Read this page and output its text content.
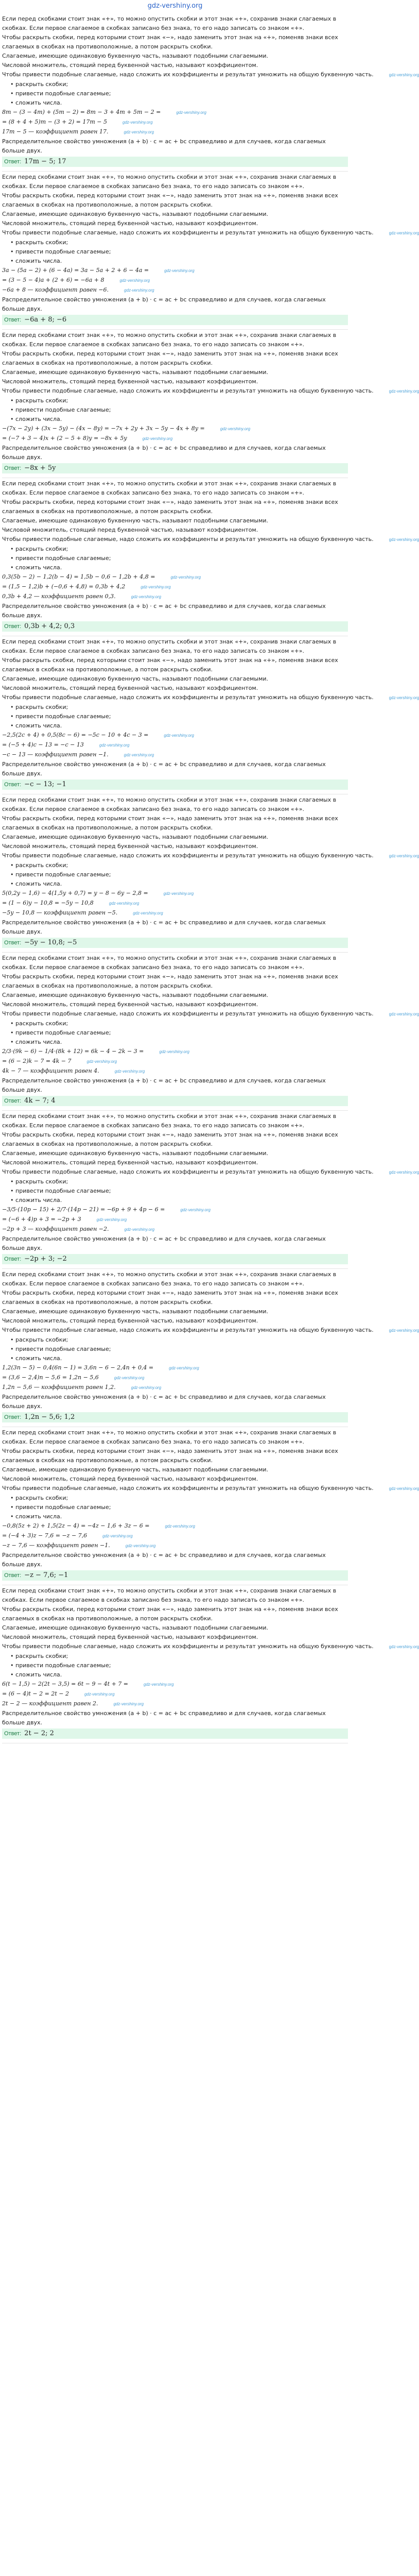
gdz-vershiny.org
Если перед скобками стоит знак «+», то можно опустить скобки и этот знак «+», сохранив знаки слагаемых в скобках. Если первое слагаемое в скобках записано без знака, то его надо записать со знаком «+».
Чтобы раскрыть скобки, перед которыми стоит знак «−», надо заменить этот знак на «+», поменяв знаки всех слагаемых в скобках на противоположные, а потом раскрыть скобки.
Слагаемые, имеющие одинаковую буквенную часть, называют подобными слагаемыми.
Числовой множитель, стоящий перед буквенной частью, называют коэффициентом.
Чтобы привести подобные слагаемые, надо сложить их коэффициенты и результат умножить на общую буквенную часть.	gdz-vershiny.org
• раскрыть скобки;
• привести подобные слагаемые;
• сложить числа.
8m − (3 − 4m) + (5m − 2) = 8m − 3 + 4m + 5m − 2 =	gdz-vershiny.org
= (8 + 4 + 5)m − (3 + 2) = 17m − 5	gdz-vershiny.org
17m − 5 — коэффициент равен 17.	gdz-vershiny.org
Распределительное свойство умножения (a + b) · c = ac + bc справедливо и для случаев, когда слагаемых больше двух.
Ответ: 17m − 5; 17
Если перед скобками стоит знак «+», то можно опустить скобки и этот знак «+», сохранив знаки слагаемых в скобках. Если первое слагаемое в скобках записано без знака, то его надо записать со знаком «+».
Чтобы раскрыть скобки, перед которыми стоит знак «−», надо заменить этот знак на «+», поменяв знаки всех слагаемых в скобках на противоположные, а потом раскрыть скобки.
Слагаемые, имеющие одинаковую буквенную часть, называют подобными слагаемыми.
Числовой множитель, стоящий перед буквенной частью, называют коэффициентом.
Чтобы привести подобные слагаемые, надо сложить их коэффициенты и результат умножить на общую буквенную часть.	gdz-vershiny.org
• раскрыть скобки;
• привести подобные слагаемые;
• сложить числа.
3a − (5a − 2) + (6 − 4a) = 3a − 5a + 2 + 6 − 4a =	gdz-vershiny.org
= (3 − 5 − 4)a + (2 + 6) = −6a + 8	gdz-vershiny.org
−6a + 8 — коэффициент равен −6.	gdz-vershiny.org
Распределительное свойство умножения (a + b) · c = ac + bc справедливо и для случаев, когда слагаемых больше двух.
Ответ: −6a + 8; −6
Если перед скобками стоит знак «+», то можно опустить скобки и этот знак «+», сохранив знаки слагаемых в скобках. Если первое слагаемое в скобках записано без знака, то его надо записать со знаком «+».
Чтобы раскрыть скобки, перед которыми стоит знак «−», надо заменить этот знак на «+», поменяв знаки всех слагаемых в скобках на противоположные, а потом раскрыть скобки.
Слагаемые, имеющие одинаковую буквенную часть, называют подобными слагаемыми.
Числовой множитель, стоящий перед буквенной частью, называют коэффициентом.
Чтобы привести подобные слагаемые, надо сложить их коэффициенты и результат умножить на общую буквенную часть.	gdz-vershiny.org
• раскрыть скобки;
• привести подобные слагаемые;
• сложить числа.
−(7x − 2y) + (3x − 5y) − (4x − 8y) = −7x + 2y + 3x − 5y − 4x + 8y =	gdz-vershiny.org
= (−7 + 3 − 4)x + (2 − 5 + 8)y = −8x + 5y	gdz-vershiny.org
Распределительное свойство умножения (a + b) · c = ac + bc справедливо и для случаев, когда слагаемых больше двух.
Ответ: −8x + 5y
Если перед скобками стоит знак «+», то можно опустить скобки и этот знак «+», сохранив знаки слагаемых в скобках. Если первое слагаемое в скобках записано без знака, то его надо записать со знаком «+».
Чтобы раскрыть скобки, перед которыми стоит знак «−», надо заменить этот знак на «+», поменяв знаки всех слагаемых в скобках на противоположные, а потом раскрыть скобки.
Слагаемые, имеющие одинаковую буквенную часть, называют подобными слагаемыми.
Числовой множитель, стоящий перед буквенной частью, называют коэффициентом.
Чтобы привести подобные слагаемые, надо сложить их коэффициенты и результат умножить на общую буквенную часть.	gdz-vershiny.org
• раскрыть скобки;
• привести подобные слагаемые;
• сложить числа.
0,3(5b − 2) − 1,2(b − 4) = 1,5b − 0,6 − 1,2b + 4,8 =	gdz-vershiny.org
= (1,5 − 1,2)b + (−0,6 + 4,8) = 0,3b + 4,2	gdz-vershiny.org
0,3b + 4,2 — коэффициент равен 0,3.	gdz-vershiny.org
Распределительное свойство умножения (a + b) · c = ac + bc справедливо и для случаев, когда слагаемых больше двух.
Ответ: 0,3b + 4,2; 0,3
Если перед скобками стоит знак «+», то можно опустить скобки и этот знак «+», сохранив знаки слагаемых в скобках. Если первое слагаемое в скобках записано без знака, то его надо записать со знаком «+».
Чтобы раскрыть скобки, перед которыми стоит знак «−», надо заменить этот знак на «+», поменяв знаки всех слагаемых в скобках на противоположные, а потом раскрыть скобки.
Слагаемые, имеющие одинаковую буквенную часть, называют подобными слагаемыми.
Числовой множитель, стоящий перед буквенной частью, называют коэффициентом.
Чтобы привести подобные слагаемые, надо сложить их коэффициенты и результат умножить на общую буквенную часть.	gdz-vershiny.org
• раскрыть скобки;
• привести подобные слагаемые;
• сложить числа.
−2,5(2c + 4) + 0,5(8c − 6) = −5c − 10 + 4c − 3 =	gdz-vershiny.org
= (−5 + 4)c − 13 = −c − 13	gdz-vershiny.org
−c − 13 — коэффициент равен −1.	gdz-vershiny.org
Распределительное свойство умножения (a + b) · c = ac + bc справедливо и для случаев, когда слагаемых больше двух.
Ответ: −c − 13; −1
Если перед скобками стоит знак «+», то можно опустить скобки и этот знак «+», сохранив знаки слагаемых в скобках. Если первое слагаемое в скобках записано без знака, то его надо записать со знаком «+».
Чтобы раскрыть скобки, перед которыми стоит знак «−», надо заменить этот знак на «+», поменяв знаки всех слагаемых в скобках на противоположные, а потом раскрыть скобки.
Слагаемые, имеющие одинаковую буквенную часть, называют подобными слагаемыми.
Числовой множитель, стоящий перед буквенной частью, называют коэффициентом.
Чтобы привести подобные слагаемые, надо сложить их коэффициенты и результат умножить на общую буквенную часть.	gdz-vershiny.org
• раскрыть скобки;
• привести подобные слагаемые;
• сложить числа.
5(0,2y − 1,6) − 4(1,5y + 0,7) = y − 8 − 6y − 2,8 =	gdz-vershiny.org
= (1 − 6)y − 10,8 = −5y − 10,8	gdz-vershiny.org
−5y − 10,8 — коэффициент равен −5.	gdz-vershiny.org
Распределительное свойство умножения (a + b) · c = ac + bc справедливо и для случаев, когда слагаемых больше двух.
Ответ: −5y − 10,8; −5
Если перед скобками стоит знак «+», то можно опустить скобки и этот знак «+», сохранив знаки слагаемых в скобках. Если первое слагаемое в скобках записано без знака, то его надо записать со знаком «+».
Чтобы раскрыть скобки, перед которыми стоит знак «−», надо заменить этот знак на «+», поменяв знаки всех слагаемых в скобках на противоположные, а потом раскрыть скобки.
Слагаемые, имеющие одинаковую буквенную часть, называют подобными слагаемыми.
Числовой множитель, стоящий перед буквенной частью, называют коэффициентом.
Чтобы привести подобные слагаемые, надо сложить их коэффициенты и результат умножить на общую буквенную часть.	gdz-vershiny.org
• раскрыть скобки;
• привести подобные слагаемые;
• сложить числа.
2/3·(9k − 6) − 1/4·(8k + 12) = 6k − 4 − 2k − 3 =	gdz-vershiny.org
= (6 − 2)k − 7 = 4k − 7	gdz-vershiny.org
4k − 7 — коэффициент равен 4.	gdz-vershiny.org
Распределительное свойство умножения (a + b) · c = ac + bc справедливо и для случаев, когда слагаемых больше двух.
Ответ: 4k − 7; 4
Если перед скобками стоит знак «+», то можно опустить скобки и этот знак «+», сохранив знаки слагаемых в скобках. Если первое слагаемое в скобках записано без знака, то его надо записать со знаком «+».
Чтобы раскрыть скобки, перед которыми стоит знак «−», надо заменить этот знак на «+», поменяв знаки всех слагаемых в скобках на противоположные, а потом раскрыть скобки.
Слагаемые, имеющие одинаковую буквенную часть, называют подобными слагаемыми.
Числовой множитель, стоящий перед буквенной частью, называют коэффициентом.
Чтобы привести подобные слагаемые, надо сложить их коэффициенты и результат умножить на общую буквенную часть.	gdz-vershiny.org
• раскрыть скобки;
• привести подобные слагаемые;
• сложить числа.
−3/5·(10p − 15) + 2/7·(14p − 21) = −6p + 9 + 4p − 6 =	gdz-vershiny.org
= (−6 + 4)p + 3 = −2p + 3	gdz-vershiny.org
−2p + 3 — коэффициент равен −2.	gdz-vershiny.org
Распределительное свойство умножения (a + b) · c = ac + bc справедливо и для случаев, когда слагаемых больше двух.
Ответ: −2p + 3; −2
Если перед скобками стоит знак «+», то можно опустить скобки и этот знак «+», сохранив знаки слагаемых в скобках. Если первое слагаемое в скобках записано без знака, то его надо записать со знаком «+».
Чтобы раскрыть скобки, перед которыми стоит знак «−», надо заменить этот знак на «+», поменяв знаки всех слагаемых в скобках на противоположные, а потом раскрыть скобки.
Слагаемые, имеющие одинаковую буквенную часть, называют подобными слагаемыми.
Числовой множитель, стоящий перед буквенной частью, называют коэффициентом.
Чтобы привести подобные слагаемые, надо сложить их коэффициенты и результат умножить на общую буквенную часть.	gdz-vershiny.org
• раскрыть скобки;
• привести подобные слагаемые;
• сложить числа.
1,2(3n − 5) − 0,4(6n − 1) = 3,6n − 6 − 2,4n + 0,4 =	gdz-vershiny.org
= (3,6 − 2,4)n − 5,6 = 1,2n − 5,6	gdz-vershiny.org
1,2n − 5,6 — коэффициент равен 1,2.	gdz-vershiny.org
Распределительное свойство умножения (a + b) · c = ac + bc справедливо и для случаев, когда слагаемых больше двух.
Ответ: 1,2n − 5,6; 1,2
Если перед скобками стоит знак «+», то можно опустить скобки и этот знак «+», сохранив знаки слагаемых в скобках. Если первое слагаемое в скобках записано без знака, то его надо записать со знаком «+».
Чтобы раскрыть скобки, перед которыми стоит знак «−», надо заменить этот знак на «+», поменяв знаки всех слагаемых в скобках на противоположные, а потом раскрыть скобки.
Слагаемые, имеющие одинаковую буквенную часть, называют подобными слагаемыми.
Числовой множитель, стоящий перед буквенной частью, называют коэффициентом.
Чтобы привести подобные слагаемые, надо сложить их коэффициенты и результат умножить на общую буквенную часть.	gdz-vershiny.org
• раскрыть скобки;
• привести подобные слагаемые;
• сложить числа.
−0,8(5z + 2) + 1,5(2z − 4) = −4z − 1,6 + 3z − 6 =	gdz-vershiny.org
= (−4 + 3)z − 7,6 = −z − 7,6	gdz-vershiny.org
−z − 7,6 — коэффициент равен −1.	gdz-vershiny.org
Распределительное свойство умножения (a + b) · c = ac + bc справедливо и для случаев, когда слагаемых больше двух.
Ответ: −z − 7,6; −1
Если перед скобками стоит знак «+», то можно опустить скобки и этот знак «+», сохранив знаки слагаемых в скобках. Если первое слагаемое в скобках записано без знака, то его надо записать со знаком «+».
Чтобы раскрыть скобки, перед которыми стоит знак «−», надо заменить этот знак на «+», поменяв знаки всех слагаемых в скобках на противоположные, а потом раскрыть скобки.
Слагаемые, имеющие одинаковую буквенную часть, называют подобными слагаемыми.
Числовой множитель, стоящий перед буквенной частью, называют коэффициентом.
Чтобы привести подобные слагаемые, надо сложить их коэффициенты и результат умножить на общую буквенную часть.	gdz-vershiny.org
• раскрыть скобки;
• привести подобные слагаемые;
• сложить числа.
6(t − 1,5) − 2(2t − 3,5) = 6t − 9 − 4t + 7 =	gdz-vershiny.org
= (6 − 4)t − 2 = 2t − 2	gdz-vershiny.org
2t − 2 — коэффициент равен 2.	gdz-vershiny.org
Распределительное свойство умножения (a + b) · c = ac + bc справедливо и для случаев, когда слагаемых больше двух.
Ответ: 2t − 2; 2
